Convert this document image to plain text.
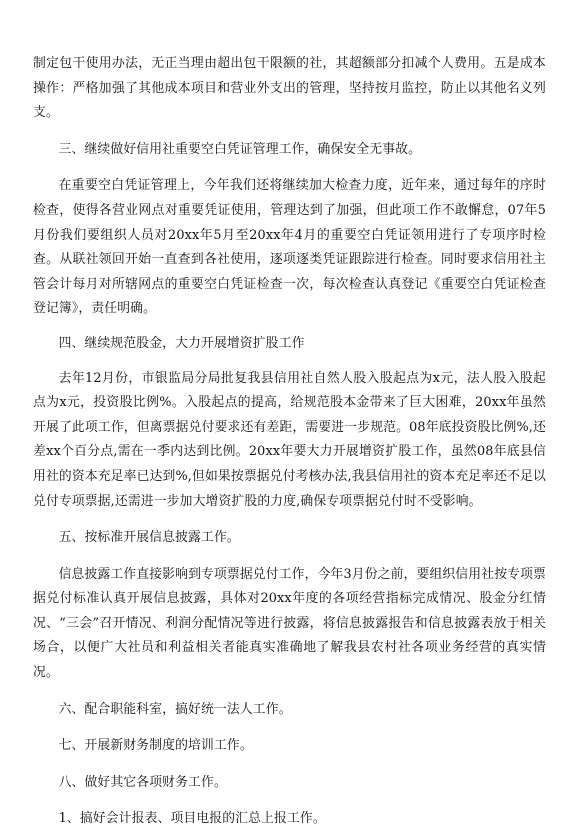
制定包干使用办法，无正当理由超出包干限额的社，其超额部分扣减个人费用。五是成本操作：严格加强了其他成本项目和营业外支出的管理，坚持按月监控，防止以其他名义列支。

三、继续做好信用社重要空白凭证管理工作，确保安全无事故。

在重要空白凭证管理上，今年我们还将继续加大检查力度，近年来，通过每年的序时检查，使得各营业网点对重要凭证使用，管理达到了加强，但此项工作不敢懈怠，07年5月份我们要组织人员对20xx年5月至20xx年4月的重要空白凭证领用进行了专项序时检查。从联社领回开始一直查到各社使用，逐项逐类凭证跟踪进行检查。同时要求信用社主管会计每月对所辖网点的重要空白凭证检查一次，每次检查认真登记《重要空白凭证检查登记簿》，责任明确。

四、继续规范股金，大力开展增资扩股工作

去年12月份，市银监局分局批复我县信用社自然人股入股起点为x元，法人股入股起点为x元，投资股比例%。入股起点的提高，给规范股本金带来了巨大困难，20xx年虽然开展了此项工作，但离票据兑付要求还有差距，需要进一步规范。08年底投资股比例%,还差xx个百分点,需在一季内达到比例。20xx年要大力开展增资扩股工作，虽然08年底县信用社的资本充足率已达到%,但如果按票据兑付考核办法,我县信用社的资本充足率还不足以兑付专项票据,还需进一步加大增资扩股的力度,确保专项票据兑付时不受影响。

五、按标准开展信息披露工作。

信息披露工作直接影响到专项票据兑付工作，今年3月份之前，要组织信用社按专项票据兑付标准认真开展信息披露，具体对20xx年度的各项经营指标完成情况、股金分红情况、“三会”召开情况、利润分配情况等进行披露，将信息披露报告和信息披露表放于相关场合，以便广大社员和利益相关者能真实准确地了解我县农村社各项业务经营的真实情况。

六、配合职能科室，搞好统一法人工作。

七、开展新财务制度的培训工作。

八、做好其它各项财务工作。

1、搞好会计报表、项目电报的汇总上报工作。
